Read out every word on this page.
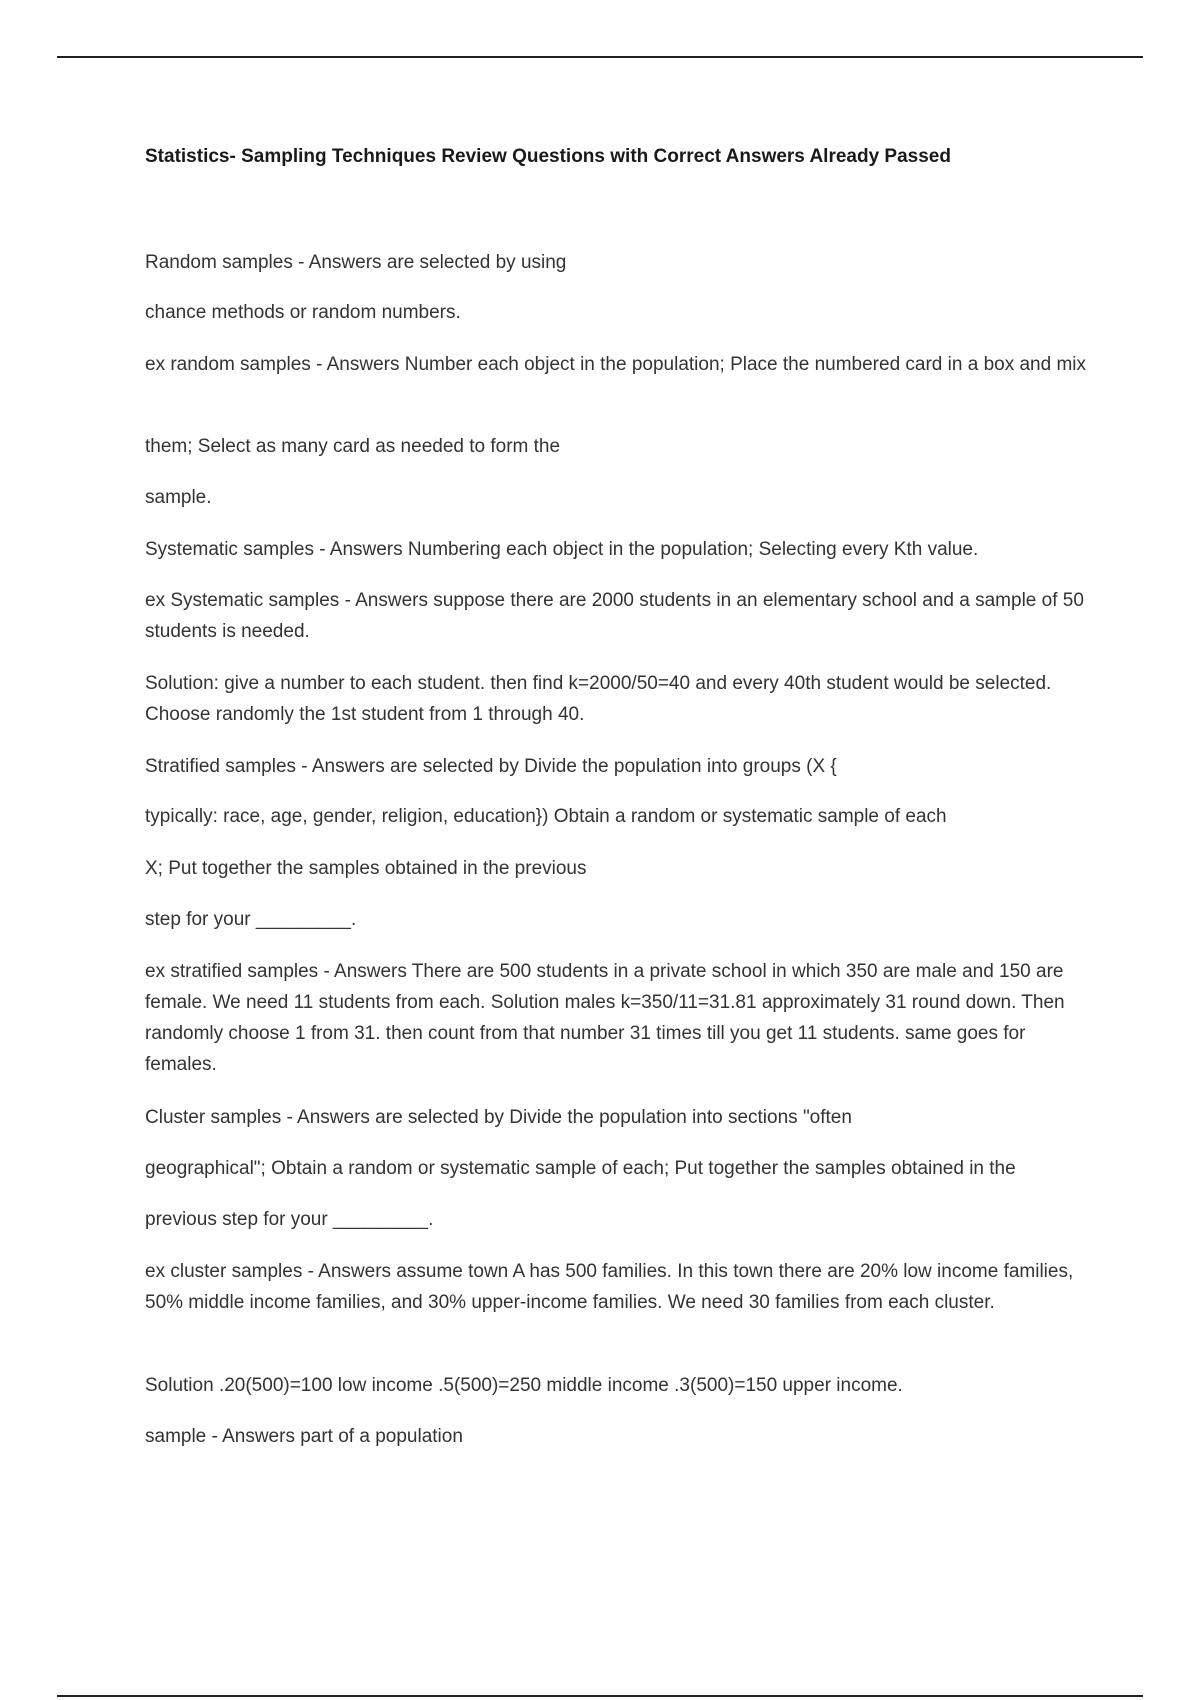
Statistics- Sampling Techniques Review Questions with Correct Answers Already Passed

Random samples - Answers are selected by using

chance methods or random numbers.

ex random samples - Answers Number each object in the population; Place the numbered card in a box and mix

them; Select as many card as needed to form the

sample.

Systematic samples - Answers Numbering each object in the population; Selecting every Kth value.

ex Systematic samples - Answers suppose there are 2000 students in an elementary school and a sample of 50 students is needed.

Solution: give a number to each student. then find k=2000/50=40 and every 40th student would be selected. Choose randomly the 1st student from 1 through 40.

Stratified samples - Answers are selected by Divide the population into groups (X {

typically: race, age, gender, religion, education}) Obtain a random or systematic sample of each

X; Put together the samples obtained in the previous

step for your _________.

ex stratified samples - Answers There are 500 students in a private school in which 350 are male and 150 are female. We need 11 students from each. Solution males k=350/11=31.81 approximately 31 round down. Then randomly choose 1 from 31. then count from that number 31 times till you get 11 students. same goes for females.

Cluster samples - Answers are selected by Divide the population into sections "often

geographical"; Obtain a random or systematic sample of each; Put together the samples obtained in the

previous step for your _________.

ex cluster samples - Answers assume town A has 500 families. In this town there are 20% low income families, 50% middle income families, and 30% upper-income families. We need 30 families from each cluster.

Solution .20(500)=100 low income .5(500)=250 middle income .3(500)=150 upper income.

sample - Answers part of a population
